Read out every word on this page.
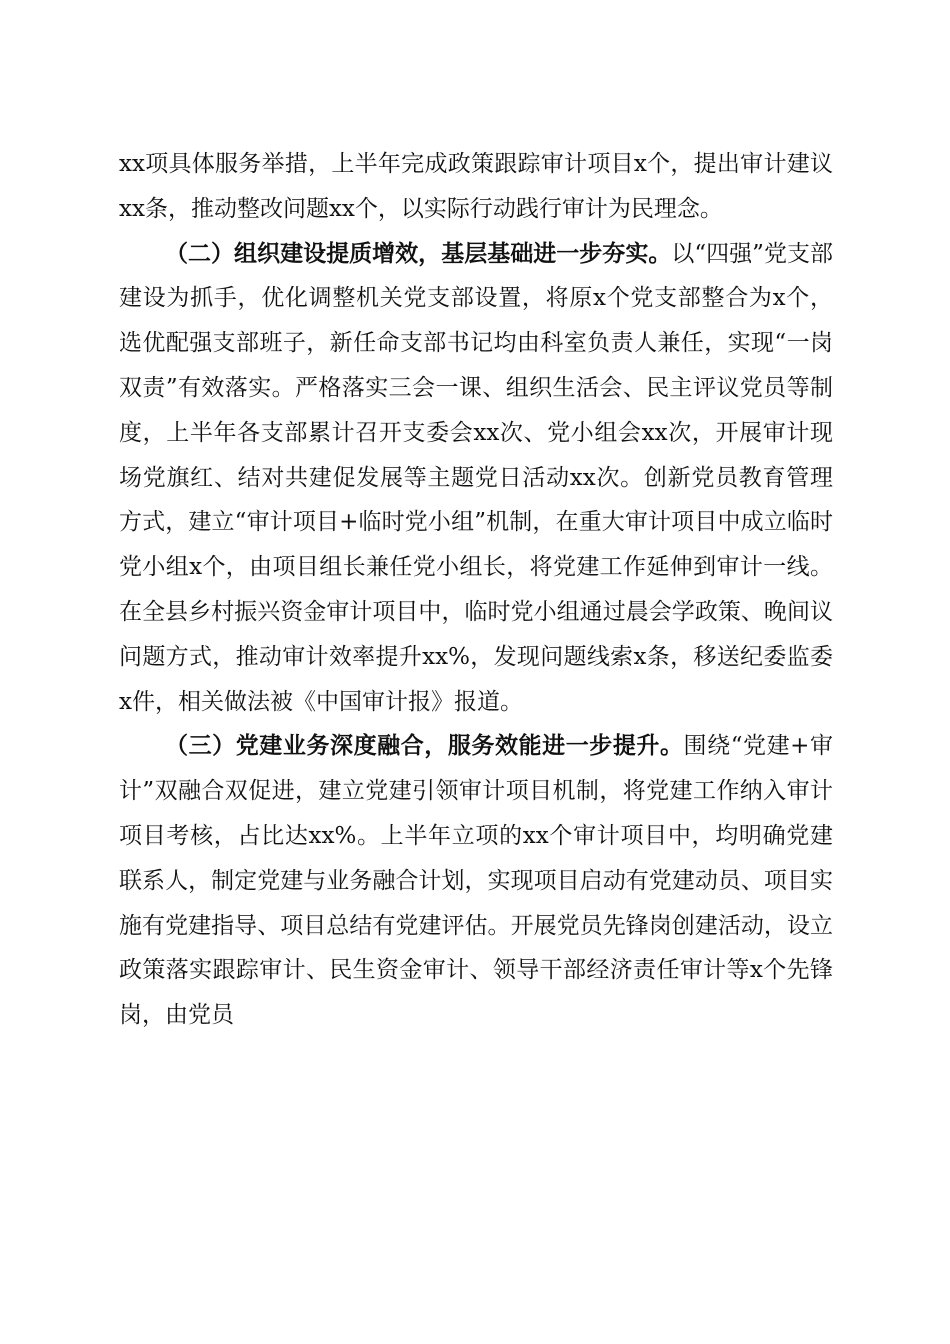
xx项具体服务举措，上半年完成政策跟踪审计项目x个，提出审计建议xx条，推动整改问题xx个，以实际行动践行审计为民理念。

（二）组织建设提质增效，基层基础进一步夯实。以“四强”党支部建设为抓手，优化调整机关党支部设置，将原x个党支部整合为x个，选优配强支部班子，新任命支部书记均由科室负责人兼任，实现“一岗双责”有效落实。严格落实三会一课、组织生活会、民主评议党员等制度，上半年各支部累计召开支委会xx次、党小组会xx次，开展审计现场党旗红、结对共建促发展等主题党日活动xx次。创新党员教育管理方式，建立“审计项目+临时党小组”机制，在重大审计项目中成立临时党小组x个，由项目组长兼任党小组长，将党建工作延伸到审计一线。在全县乡村振兴资金审计项目中，临时党小组通过晨会学政策、晚间议问题方式，推动审计效率提升xx%，发现问题线索x条，移送纪委监委x件，相关做法被《中国审计报》报道。

（三）党建业务深度融合，服务效能进一步提升。围绕“党建+审计”双融合双促进，建立党建引领审计项目机制，将党建工作纳入审计项目考核，占比达xx%。上半年立项的xx个审计项目中，均明确党建联系人，制定党建与业务融合计划，实现项目启动有党建动员、项目实施有党建指导、项目总结有党建评估。开展党员先锋岗创建活动，设立政策落实跟踪审计、民生资金审计、领导干部经济责任审计等x个先锋岗，由党员
